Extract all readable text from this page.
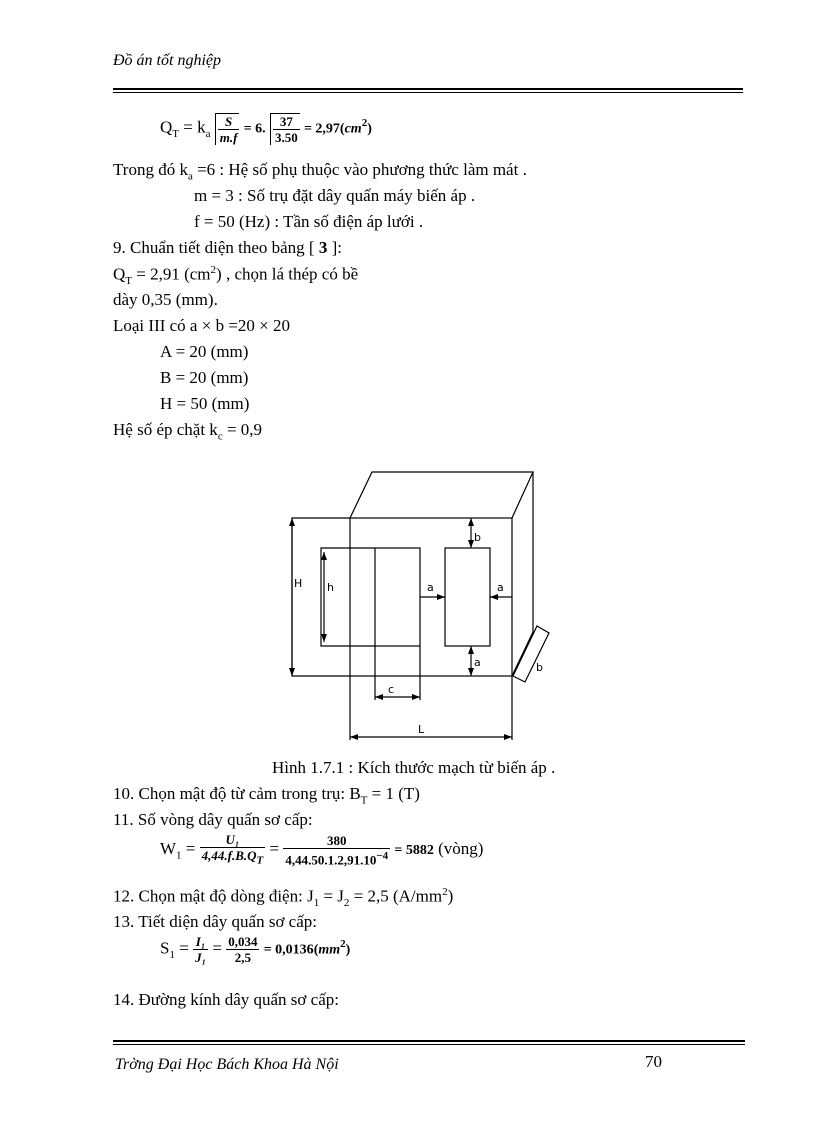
Đồ án tốt nghiệp
$Q_T = k_a \frac{S}{m.f} = 6$. $\frac{37}{3.50} = 2,97(cm^2)$
Trong đó $k_a =6$ : Hệ số phụ thuộc vào phương thức làm mát .
m = 3 : Số trụ đặt dây quấn máy biến áp .
f = 50 (Hz) : Tần số điện áp lưới .
9. Chuẩn tiết diện theo bảng [ 3 ]:
$Q_T = 2,91$ $(cm^2)$ , chọn lá thép có bề
dày 0,35 (mm).
Loại III có a × b =20 × 20
A = 20 (mm)
B = 20 (mm)
H = 50 (mm)
Hệ số ép chặt $k_c = 0,9$
H h	a	a
b
a
c
L
b
Hình 1.7.1 : Kích thước mạch từ biến áp .
10. Chọn mật độ từ cảm trong trụ: $B_T = 1$ (T)
11. Số vòng dây quấn sơ cấp:
$W_1 = \frac{\text{U₁}}{4,44.f.B.Q_T} = \frac{380}{4,44.50.1.2,91.10^{-4}} = 5882$ (vòng)
12. Chọn mật độ dòng điện: $J_1 = J_2 = 2,5$ $(A/mm^2)$
13. Tiết diện dây quấn sơ cấp:
$S_1 = \frac{\text{I₁}}{\text{J₁}} = \frac{0,034}{2,5} = 0,0136(mm^2)$
14. Đường kính dây quấn sơ cấp:
Trờng Đại Học Bách Khoa Hà Nội	70
